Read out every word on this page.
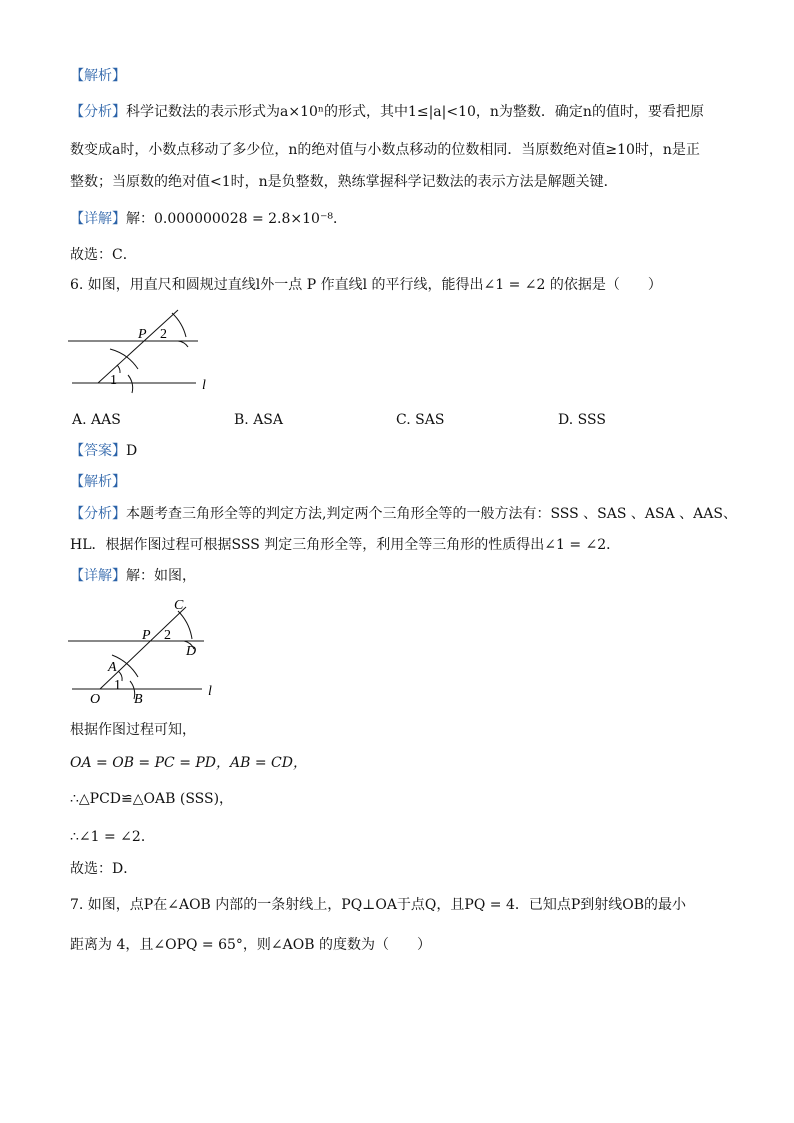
【解析】
【分析】科学记数法的表示形式为a×10ⁿ的形式，其中1≤|a|<10，n为整数．确定n的值时，要看把原
数变成a时，小数点移动了多少位，n的绝对值与小数点移动的位数相同．当原数绝对值≥10时，n是正
整数；当原数的绝对值<1时，n是负整数，熟练掌握科学记数法的表示方法是解题关键．
【详解】解：0.000000028 = 2.8×10⁻⁸．
故选：C．
6. 如图，用直尺和圆规过直线l外一点 P 作直线l 的平行线，能得出∠1 = ∠2 的依据是（　　）
P 2
1	l
A. AAS	B. ASA	C. SAS	D. SSS
【答案】D
【解析】
【分析】本题考查三角形全等的判定方法,判定两个三角形全等的一般方法有：SSS 、SAS 、ASA 、AAS、
HL．根据作图过程可根据SSS 判定三角形全等，利用全等三角形的性质得出∠1 = ∠2．
【详解】解：如图，
C
P 2
D
A
O
1
B
l
根据作图过程可知，
OA = OB = PC = PD，AB = CD，
∴△PCD≌△OAB (SSS)，
∴∠1 = ∠2．
故选：D．
7. 如图，点P在∠AOB 内部的一条射线上，PQ⊥OA于点Q，且PQ = 4．已知点P到射线OB的最小
距离为 4，且∠OPQ = 65°，则∠AOB 的度数为（　　）
